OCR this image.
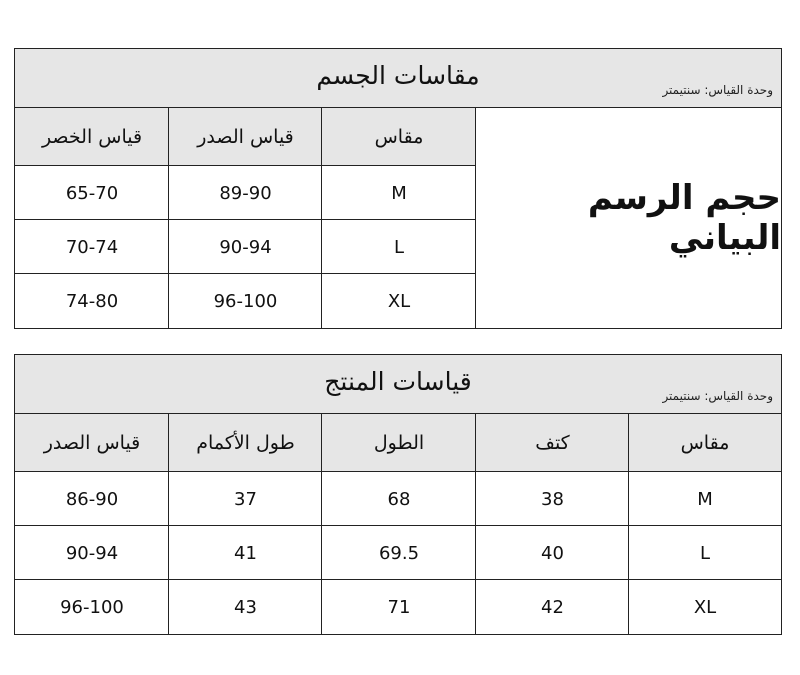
مقاسات الجسم	وحدة القياس: سنتيمتر
قياس الخصر	قياس الصدر	مقاس
65-70	89-90	M
70-74	90-94	L
74-80	96-100	XL
حجم الرسم البياني
قياسات المنتج	وحدة القياس: سنتيمتر
قياس الصدر	طول الأكمام	الطول	كتف	مقاس
86-90	37	68	38	M
90-94	41	69.5	40	L
96-100	43	71	42	XL
